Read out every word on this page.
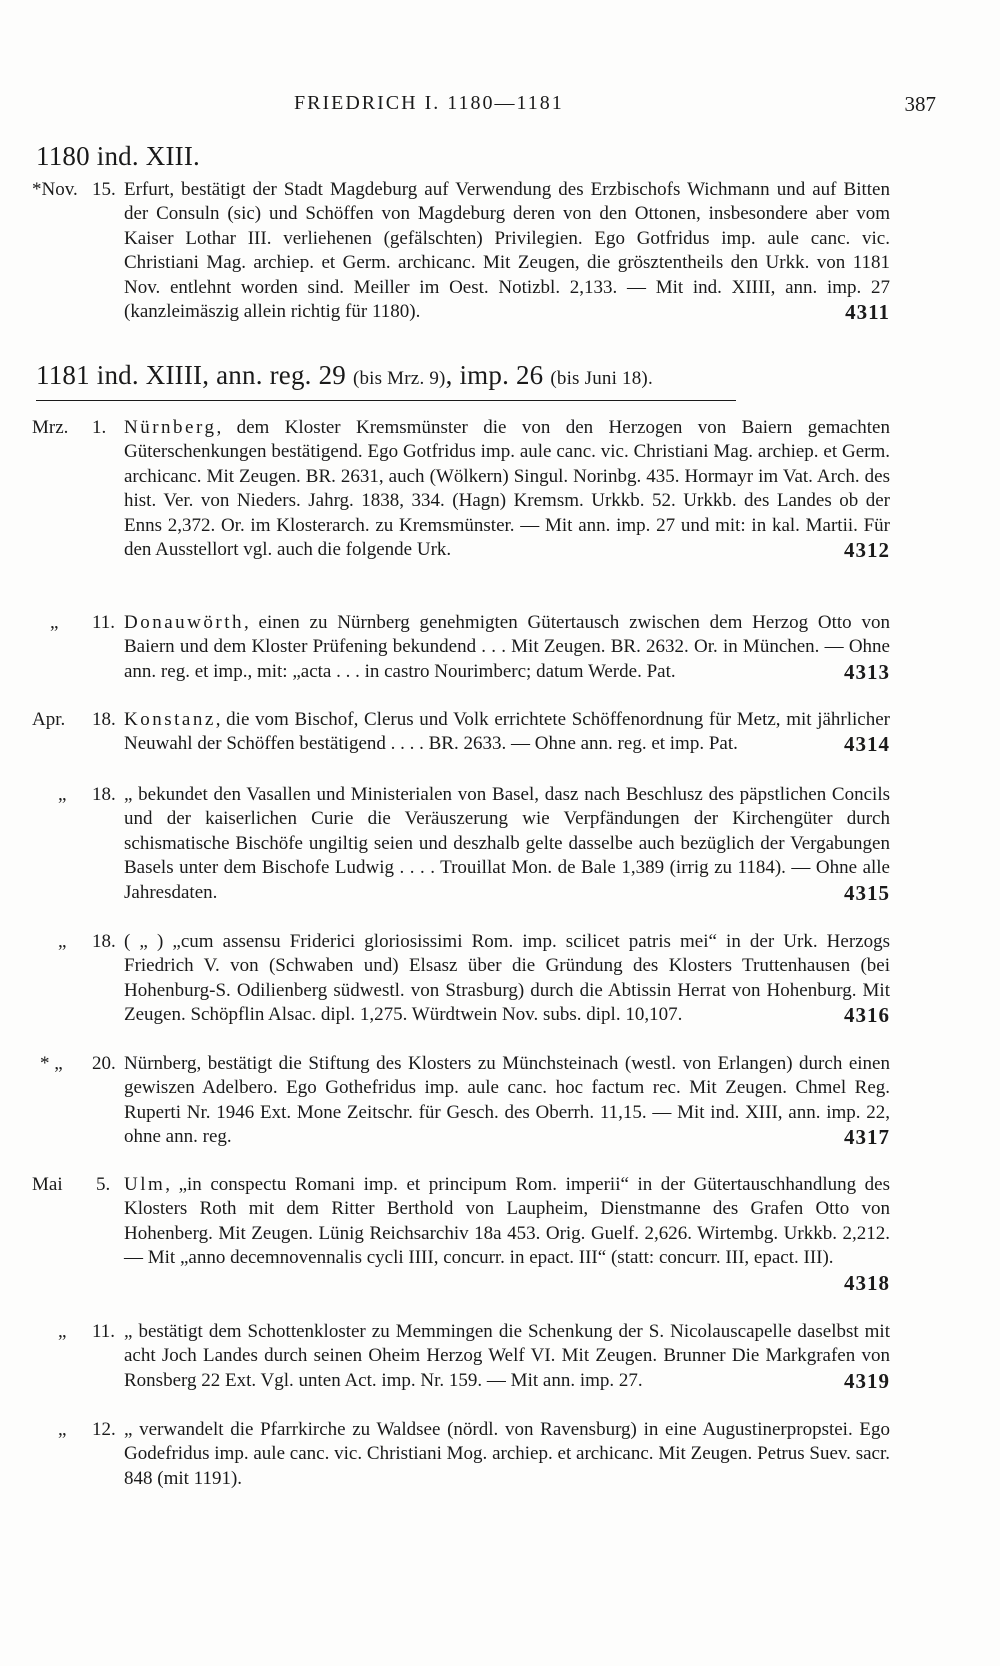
FRIEDRICH I. 1180—1181	387
1180 ind. XIII.
*Nov. 15. Erfurt, bestätigt der Stadt Magdeburg auf Verwendung des Erzbischofs Wichmann und auf Bitten der Consuln (sic) und Schöffen von Magdeburg deren von den Ottonen, insbesondere aber vom Kaiser Lothar III. verliehenen (gefälschten) Privilegien. Ego Gotfridus imp. aule canc. vic. Christiani Mag. archiep. et Germ. archicanc. Mit Zeugen, die grösztentheils den Urkk. von 1181 Nov. entlehnt worden sind. Meiller im Oest. Notizbl. 2,133. — Mit ind. XIIII, ann. imp. 27 (kanzleimäszig allein richtig für 1180).	4311

1181 ind. XIIII, ann. reg. 29 (bis Mrz. 9), imp. 26 (bis Juni 18).
Mrz. 1. Nürnberg, dem Kloster Kremsmünster die von den Herzogen von Baiern gemachten Güterschenkungen bestätigend. Ego Gotfridus imp. aule canc. vic. Christiani Mag. archiep. et Germ. archicanc. Mit Zeugen. BR. 2631, auch (Wölkern) Singul. Norinbg. 435. Hormayr im Vat. Arch. des hist. Ver. von Nieders. Jahrg. 1838, 334. (Hagn) Kremsm. Urkkb. 52. Urkkb. des Landes ob der Enns 2,372. Or. im Klosterarch. zu Kremsmünster. — Mit ann. imp. 27 und mit: in kal. Martii. Für den Ausstellort vgl. auch die folgende Urk.	4312

„ 11. Donauwörth, einen zu Nürnberg genehmigten Gütertausch zwischen dem Herzog Otto von Baiern und dem Kloster Prüfening bekundend . . . Mit Zeugen. BR. 2632. Or. in München. — Ohne ann. reg. et imp., mit: „acta . . . in castro Nourimberc; datum Werde. Pat.	4313

Apr. 18. Konstanz, die vom Bischof, Clerus und Volk errichtete Schöffenordnung für Metz, mit jährlicher Neuwahl der Schöffen bestätigend . . . . BR. 2633. — Ohne ann. reg. et imp. Pat.	4314

„ 18. „ bekundet den Vasallen und Ministerialen von Basel, dasz nach Beschlusz des päpstlichen Concils und der kaiserlichen Curie die Veräuszerung wie Verpfändungen der Kirchengüter durch schismatische Bischöfe ungiltig seien und deszhalb gelte dasselbe auch bezüglich der Vergabungen Basels unter dem Bischofe Ludwig . . . . Trouillat Mon. de Bale 1,389 (irrig zu 1184). — Ohne alle Jahresdaten.	4315

„ 18. ( „ ) „cum assensu Friderici gloriosissimi Rom. imp. scilicet patris mei“ in der Urk. Herzogs Friedrich V. von (Schwaben und) Elsasz über die Gründung des Klosters Truttenhausen (bei Hohenburg-S. Odilienberg südwestl. von Strasburg) durch die Abtissin Herrat von Hohenburg. Mit Zeugen. Schöpflin Alsac. dipl. 1,275. Würdtwein Nov. subs. dipl. 10,107.	4316

* „ 20. Nürnberg, bestätigt die Stiftung des Klosters zu Münchsteinach (westl. von Erlangen) durch einen gewiszen Adelbero. Ego Gothefridus imp. aule canc. hoc factum rec. Mit Zeugen. Chmel Reg. Ruperti Nr. 1946 Ext. Mone Zeitschr. für Gesch. des Oberrh. 11,15. — Mit ind. XIII, ann. imp. 22, ohne ann. reg.	4317

Mai 5. Ulm, „in conspectu Romani imp. et principum Rom. imperii“ in der Gütertauschhandlung des Klosters Roth mit dem Ritter Berthold von Laupheim, Dienstmanne des Grafen Otto von Hohenberg. Mit Zeugen. Lünig Reichsarchiv 18a 453. Orig. Guelf. 2,626. Wirtembg. Urkkb. 2,212. — Mit „anno decemnovennalis cycli IIII, concurr. in epact. III“ (statt: concurr. III, epact. III).
4318

„ 11. „ bestätigt dem Schottenkloster zu Memmingen die Schenkung der S. Nicolauscapelle daselbst mit acht Joch Landes durch seinen Oheim Herzog Welf VI. Mit Zeugen. Brunner Die Markgrafen von Ronsberg 22 Ext. Vgl. unten Act. imp. Nr. 159. — Mit ann. imp. 27.	4319

„ 12. „ verwandelt die Pfarrkirche zu Waldsee (nördl. von Ravensburg) in eine Augustinerpropstei. Ego Godefridus imp. aule canc. vic. Christiani Mog. archiep. et archicanc. Mit Zeugen. Petrus Suev. sacr. 848 (mit 1191).
